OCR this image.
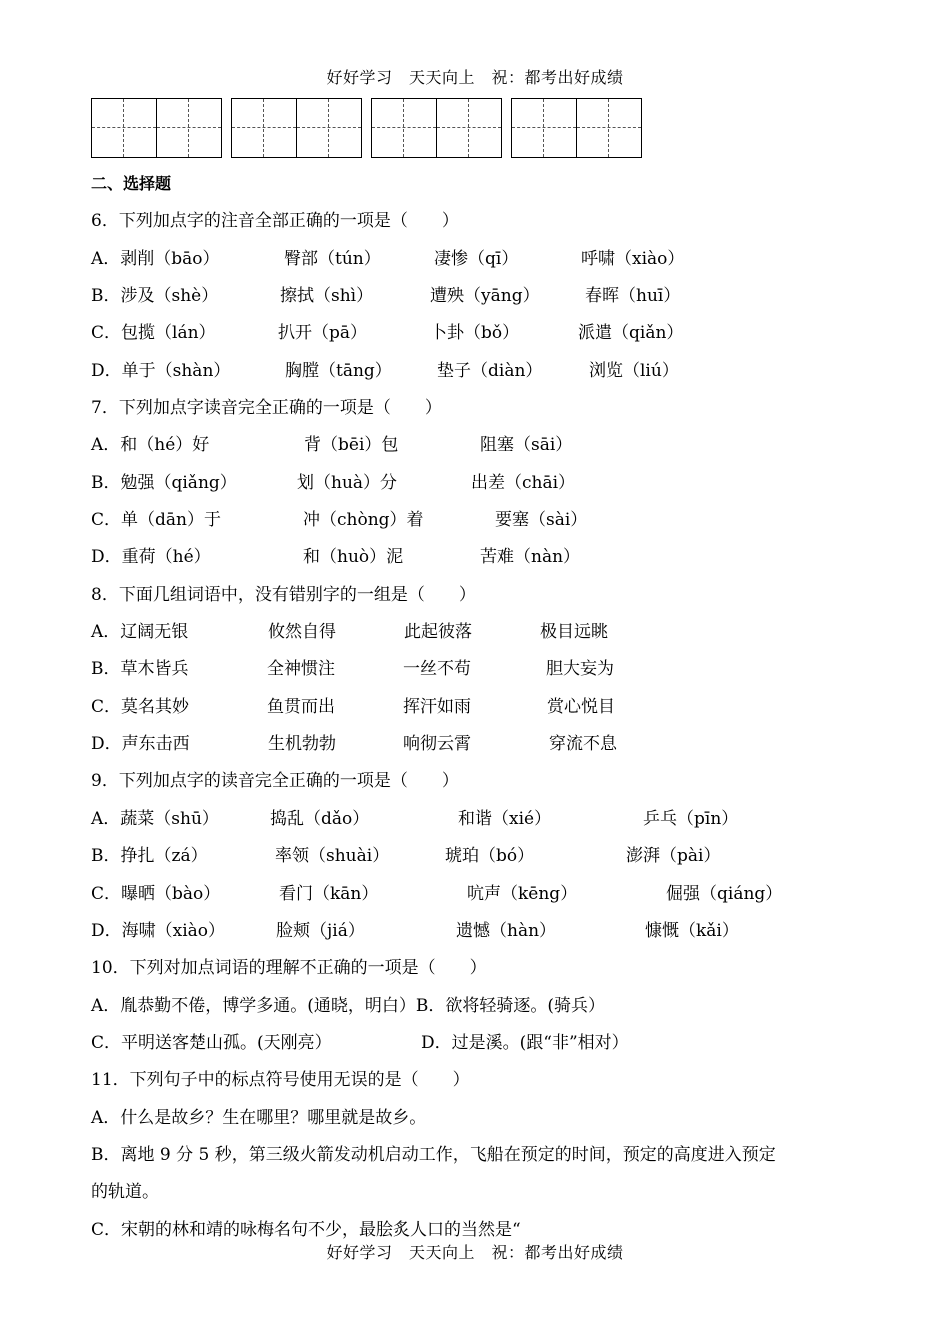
好好学习　天天向上　祝：都考出好成绩
二、选择题
6．下列加点字的注音全部正确的一项是（　　）
A．剥削（bāo）	臀部（tún）	凄惨（qī）	呼啸（xiào）
B．涉及（shè）	擦拭（shì）	遭殃（yāng）	春晖（huī）
C．包揽（lán）	扒开（pā）	卜卦（bǒ）	派遣（qiǎn）
D．单于（shàn）	胸膛（tāng）	垫子（diàn）	浏览（liú）
7．下列加点字读音完全正确的一项是（　　）
A．和（hé）好	背（bēi）包	阻塞（sāi）
B．勉强（qiǎng）	划（huà）分	出差（chāi）
C．单（dān）于	冲（chòng）着	要塞（sài）
D．重荷（hé）	和（huò）泥	苦难（nàn）
8．下面几组词语中，没有错别字的一组是（　　）
A．辽阔无银	攸然自得	此起彼落	极目远眺
B．草木皆兵	全神惯注	一丝不苟	胆大妄为
C．莫名其妙	鱼贯而出	挥汗如雨	赏心悦目
D．声东击西	生机勃勃	响彻云霄	穿流不息
9．下列加点字的读音完全正确的一项是（　　）
A．蔬菜（shū）	捣乱（dǎo）	和谐（xié）	乒乓（pīn）
B．挣扎（zá）	率领（shuài）	琥珀（bó）	澎湃（pài）
C．曝晒（bào）	看门（kān）	吭声（kēng）	倔强（qiáng）
D．海啸（xiào）	脸颊（jiá）	遗憾（hàn）	慷慨（kǎi）
10．下列对加点词语的理解不正确的一项是（　　）
A．胤恭勤不倦，博学多通。(通晓，明白）B．欲将轻骑逐。(骑兵）
C．平明送客楚山孤。(天刚亮）	D．过是溪。(跟“非”相对）
11．下列句子中的标点符号使用无误的是（　　）
A．什么是故乡？生在哪里？哪里就是故乡。
B．离地 9 分 5 秒，第三级火箭发动机启动工作，飞船在预定的时间，预定的高度进入预定
的轨道。
C．宋朝的林和靖的咏梅名句不少，最脍炙人口的当然是“
好好学习　天天向上　祝：都考出好成绩
